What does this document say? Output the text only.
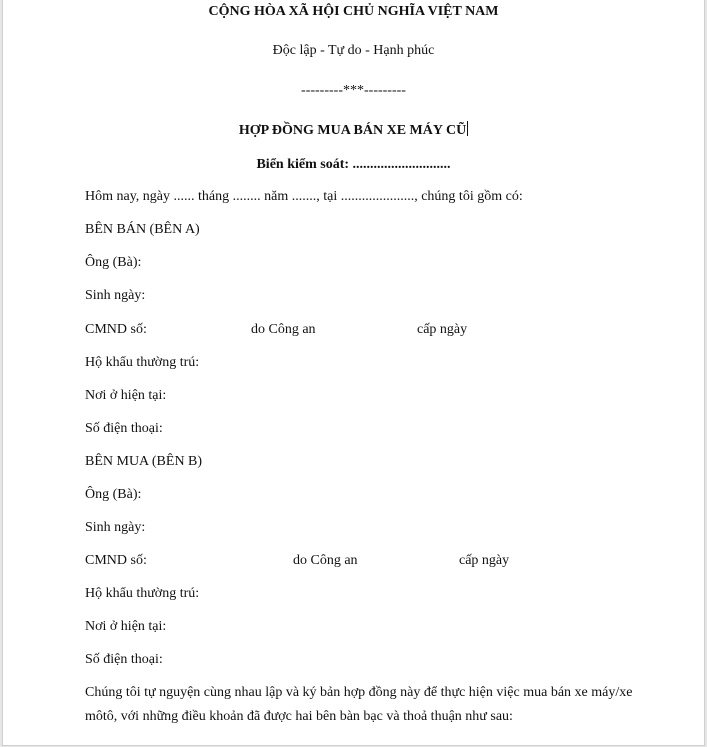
CỘNG HÒA XÃ HỘI CHỦ NGHĨA VIỆT NAM
Độc lập - Tự do - Hạnh phúc
---------***---------
HỢP ĐỒNG MUA BÁN XE MÁY CŨ
Biển kiểm soát: ............................
Hôm nay, ngày ...... tháng ........ năm ......., tại ....................., chúng tôi gồm có:
BÊN BÁN (BÊN A)
Ông (Bà):
Sinh ngày:
CMND số:	do Công an	cấp ngày
Hộ khẩu thường trú:
Nơi ở hiện tại:
Số điện thoại:
BÊN MUA (BÊN B)
Ông (Bà):
Sinh ngày:
CMND số:	do Công an	cấp ngày
Hộ khẩu thường trú:
Nơi ở hiện tại:
Số điện thoại:
Chúng tôi tự nguyện cùng nhau lập và ký bản hợp đồng này để thực hiện việc mua bán xe máy/xe môtô, với những điều khoản đã được hai bên bàn bạc và thoả thuận như sau:
